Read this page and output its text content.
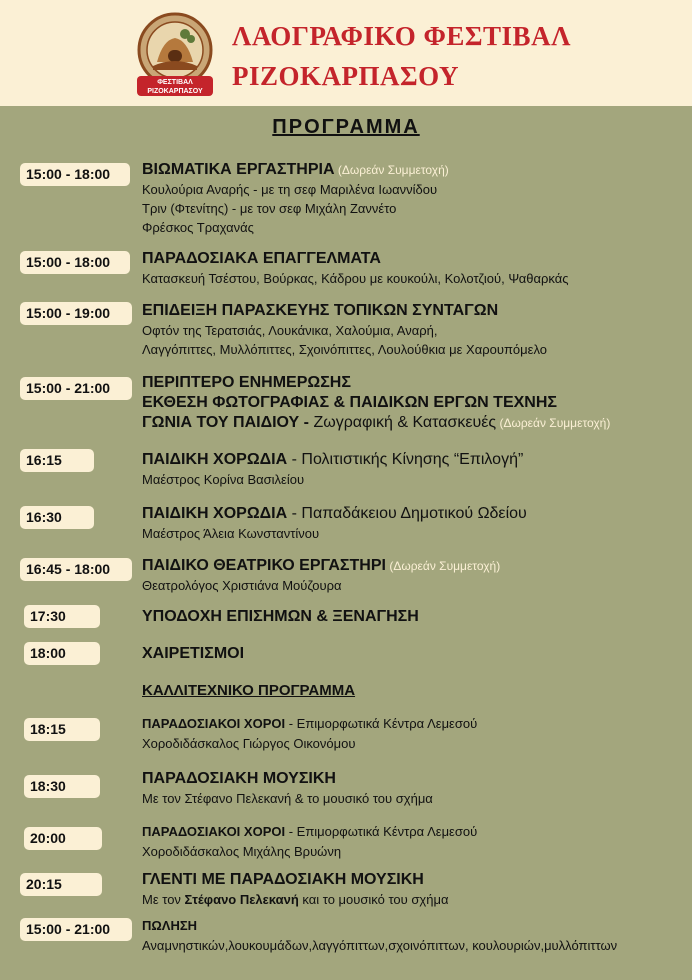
ΦΕΣΤΙΒΑΛ
ΡΙΖΟΚΑΡΠΑΣΟΥ
ΛΑΟΓΡΑΦΙΚΟ ΦΕΣΤΙΒΑΛ
ΡΙΖΟΚΑΡΠΑΣΟΥ
ΠΡΟΓΡΑΜΜΑ
15:00 - 18:00	ΒΙΩΜΑΤΙΚΑ ΕΡΓΑΣΤΗΡΙΑ (Δωρεάν Συμμετοχή)
Κουλούρια Αναρής - με τη σεφ Μαριλένα Ιωαννίδου
Τριν (Φτενίτης) - με τον σεφ Μιχάλη Ζαννέτο
Φρέσκος Τραχανάς
15:00 - 18:00	ΠΑΡΑΔΟΣΙΑΚΑ ΕΠΑΓΓΕΛΜΑΤΑ
Κατασκευή Τσέστου, Βούρκας, Κάδρου με κουκούλι, Κολοτζιού, Ψαθαρκάς
15:00 - 19:00	ΕΠΙΔΕΙΞΗ ΠΑΡΑΣΚΕΥΗΣ ΤΟΠΙΚΩΝ ΣΥΝΤΑΓΩΝ
Οφτόν της Τερατσιάς, Λουκάνικα, Χαλούμια, Αναρή,
Λαγγόπιττες, Μυλλόπιττες, Σχοινόπιττες, Λουλούθκια με Χαρουπόμελο
15:00 - 21:00	ΠΕΡΙΠΤΕΡΟ ΕΝΗΜΕΡΩΣΗΣ
ΕΚΘΕΣΗ ΦΩΤΟΓΡΑΦΙΑΣ & ΠΑΙΔΙΚΩΝ ΕΡΓΩΝ ΤΕΧΝΗΣ
ΓΩΝΙΑ ΤΟΥ ΠΑΙΔΙΟΥ - Ζωγραφική & Κατασκευές (Δωρεάν Συμμετοχή)
16:15	ΠΑΙΔΙΚΗ ΧΟΡΩΔΙΑ - Πολιτιστικής Κίνησης “Επιλογή”
Μαέστρος Κορίνα Βασιλείου
16:30	ΠΑΙΔΙΚΗ ΧΟΡΩΔΙΑ - Παπαδάκειου Δημοτικού Ωδείου
Μαέστρος Άλεια Κωνσταντίνου
16:45 - 18:00	ΠΑΙΔΙΚΟ ΘΕΑΤΡΙΚΟ ΕΡΓΑΣΤΗΡΙ (Δωρεάν Συμμετοχή)
Θεατρολόγος Χριστιάνα Μούζουρα
17:30	ΥΠΟΔΟΧΗ ΕΠΙΣΗΜΩΝ & ΞΕΝΑΓΗΣΗ
18:00	ΧΑΙΡΕΤΙΣΜΟΙ
ΚΑΛΛΙΤΕΧΝΙΚΟ ΠΡΟΓΡΑΜΜΑ
18:15	ΠΑΡΑΔΟΣΙΑΚΟΙ ΧΟΡΟΙ - Επιμορφωτικά Κέντρα Λεμεσού
Χοροδιδάσκαλος Γιώργος Οικονόμου
18:30	ΠΑΡΑΔΟΣΙΑΚΗ ΜΟΥΣΙΚΗ
Με τον Στέφανο Πελεκανή & το μουσικό του σχήμα
20:00	ΠΑΡΑΔΟΣΙΑΚΟΙ ΧΟΡΟΙ - Επιμορφωτικά Κέντρα Λεμεσού
Χοροδιδάσκαλος Μιχάλης Βρυώνη
20:15	ΓΛΕΝΤΙ ΜΕ ΠΑΡΑΔΟΣΙΑΚΗ ΜΟΥΣΙΚΗ
Με τον Στέφανο Πελεκανή και το μουσικό του σχήμα
15:00 - 21:00	ΠΩΛΗΣΗ
Αναμνηστικών,λουκουμάδων,λαγγόπιττων,σχοινόπιττων, κουλουριών,μυλλόπιττων
